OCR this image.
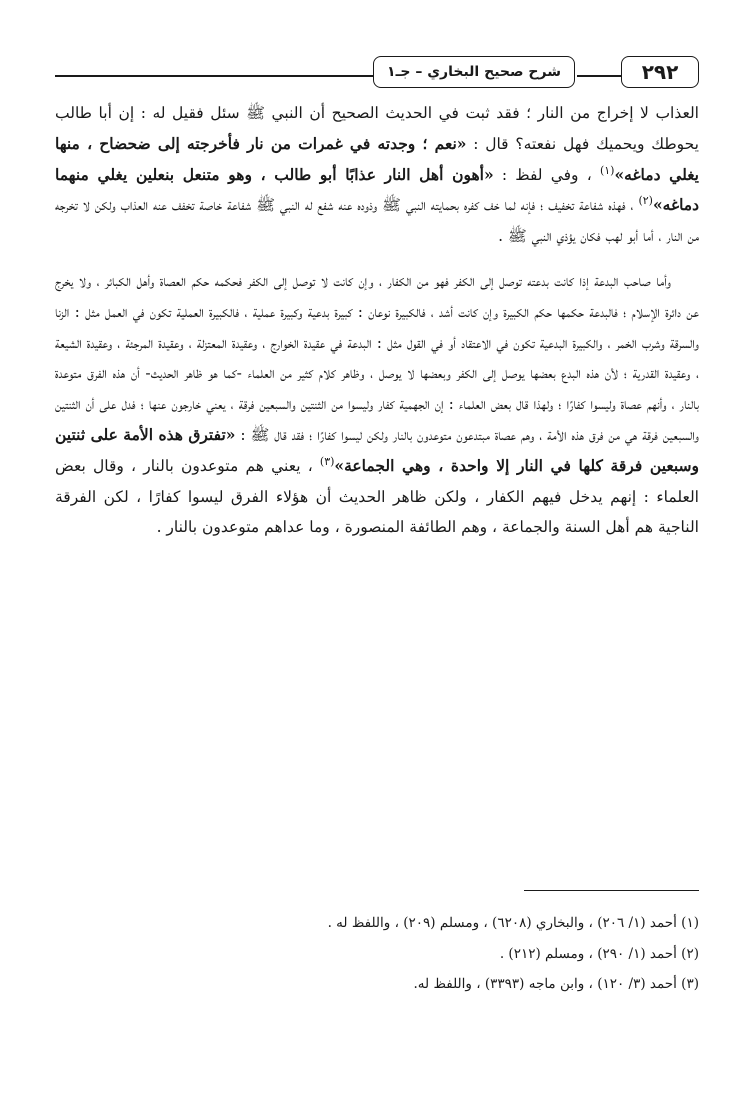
٢٩٢
شرح صحيح البخاري – جـ١

العذاب لا إخراج من النار ؛ فقد ثبت في الحديث الصحيح أن النبي ﷺ سئل فقيل له : إن أبا طالب يحوطك ويحميك فهل نفعته؟ قال : «نعم ؛ وجدته في غمرات من نار فأخرجته إلى ضحضاح ، منها يغلي دماغه»$^{(١)}$ ، وفي لفظ : «أهون أهل النار عذابًا أبو طالب ، وهو متنعل بنعلين يغلي منهما دماغه»$^{(٢)}$ ، فهذه شفاعة تخفيف ؛ فإنه لما خف كفره بحمايته النبي ﷺ وذوده عنه شفع له النبي ﷺ شفاعة خاصة تخفف عنه العذاب ولكن لا تخرجه من النار ، أما أبو لهب فكان يؤذي النبي ﷺ .

وأما صاحب البدعة إذا كانت بدعته توصل إلى الكفر فهو من الكفار ، وإن كانت لا توصل إلى الكفر فحكمه حكم العصاة وأهل الكبائر ، ولا يخرج عن دائرة الإسلام ؛ فالبدعة حكمها حكم الكبيرة وإن كانت أشد ، فالكبيرة نوعان : كبيرة بدعية وكبيرة عملية ، فالكبيرة العملية تكون في العمل مثل : الزنا والسرقة وشرب الخمر ، والكبيرة البدعية تكون في الاعتقاد أو في القول مثل : البدعة في عقيدة الخوارج ، وعقيدة المعتزلة ، وعقيدة المرجئة ، وعقيدة الشيعة ، وعقيدة القدرية ؛ لأن هذه البدع بعضها يوصل إلى الكفر وبعضها لا يوصل ، وظاهر كلام كثير من العلماء -كما هو ظاهر الحديث- أن هذه الفرق متوعدة بالنار ، وأنهم عصاة وليسوا كفارًا ؛ ولهذا قال بعض العلماء : إن الجهمية كفار وليسوا من الثنتين والسبعين فرقة ، يعني خارجون عنها ؛ فدل على أن الثنتين والسبعين فرقة هي من فرق هذه الأمة ، وهم عصاة مبتدعون متوعدون بالنار ولكن ليسوا كفارًا ؛ فقد قال ﷺ : «تفترق هذه الأمة على ثنتين وسبعين فرقة كلها في النار إلا واحدة ، وهي الجماعة»$^{(٣)}$ ، يعني هم متوعدون بالنار ، وقال بعض العلماء : إنهم يدخل فيهم الكفار ، ولكن ظاهر الحديث أن هؤلاء الفرق ليسوا كفارًا ، لكن الفرقة الناجية هم أهل السنة والجماعة ، وهم الطائفة المنصورة ، وما عداهم متوعدون بالنار .

(١) أحمد (١/ ٢٠٦) ، والبخاري (٦٢٠٨) ، ومسلم (٢٠٩) ، واللفظ له .

(٢) أحمد (١/ ٢٩٠) ، ومسلم (٢١٢) .

(٣) أحمد (٣/ ١٢٠) ، وابن ماجه (٣٣٩٣) ، واللفظ له.
